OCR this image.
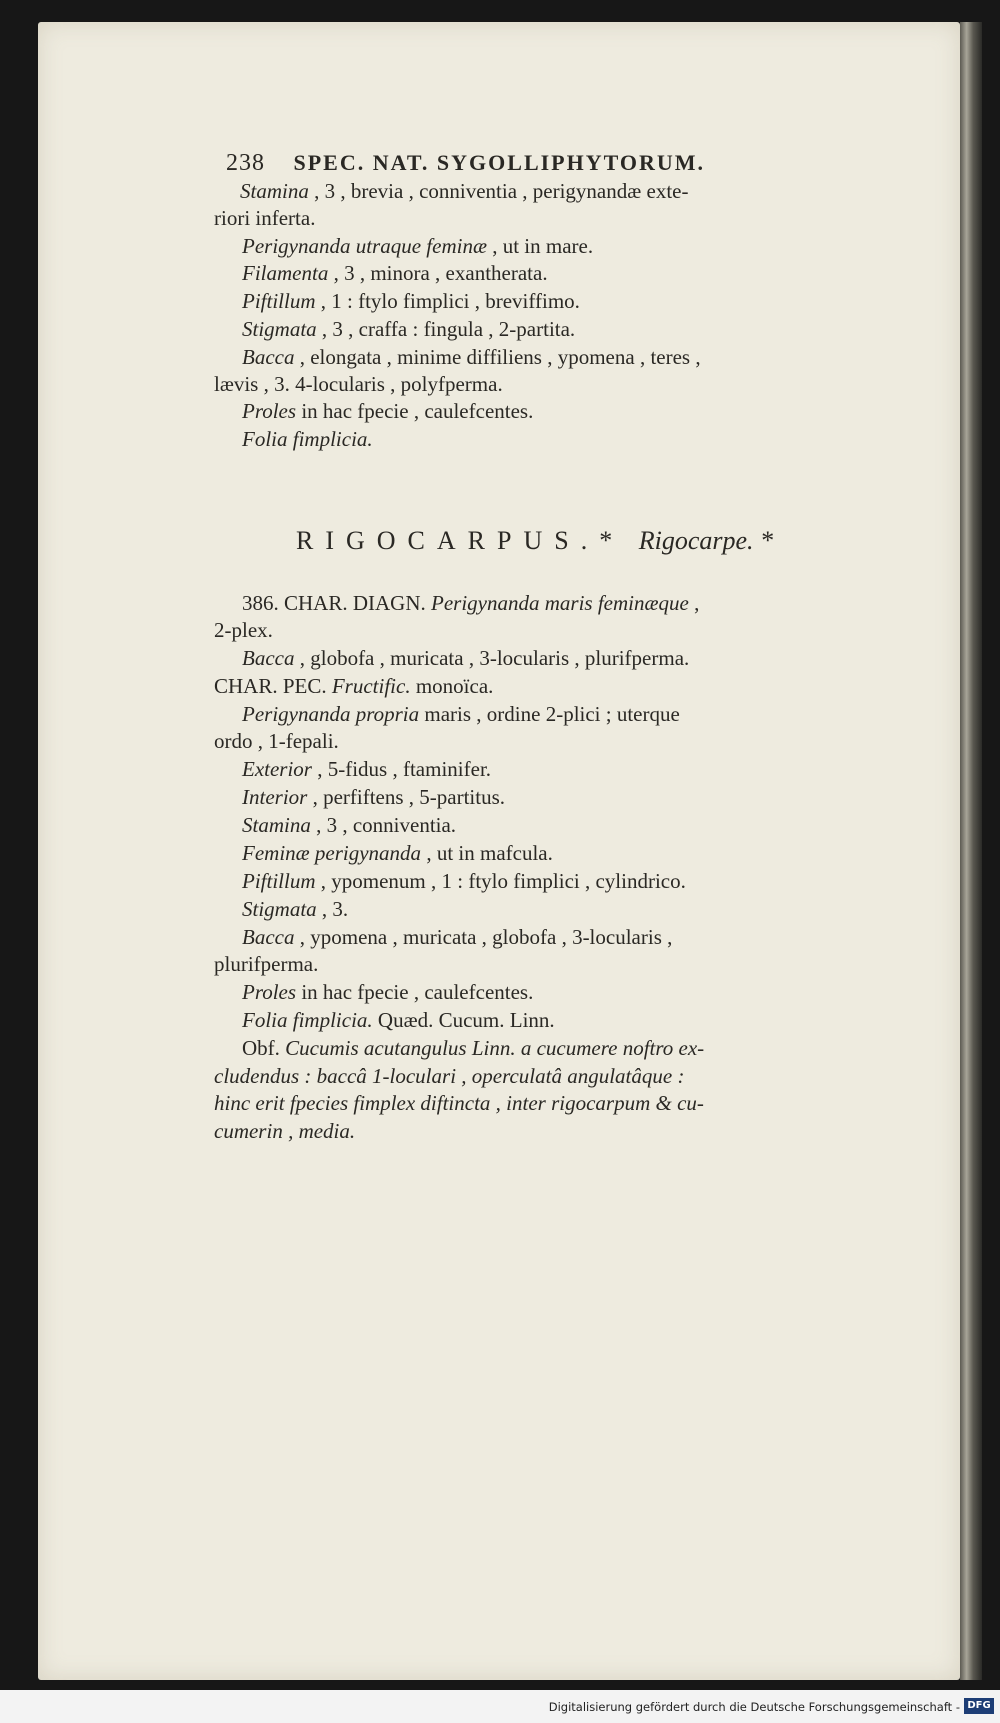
238 SPEC. NAT. SYGOLLIPHYTORUM.
RIGOCARPUS.* Rigocarpe. *
Digitalisierung gefördert durch die Deutsche Forschungsgemeinschaft - DFG
Stamina , 3 , brevia , conniventia , perigynandæ exte-
riori inferta.
Perigynanda utraque feminæ , ut in mare.
Filamenta , 3 , minora , exantherata.
Piftillum , 1 : ftylo fimplici , breviffimo.
Stigmata , 3 , craffa : fingula , 2-partita.
Bacca , elongata , minime diffiliens , ypomena , teres ,
lævis , 3. 4-locularis , polyfperma.
Proles in hac fpecie , caulefcentes.
Folia fimplicia.
386. CHAR. DIAGN. Perigynanda maris feminæque ,
2-plex.
Bacca , globofa , muricata , 3-locularis , plurifperma.
CHAR. PEC. Fructific. monoïca.
Perigynanda propria maris , ordine 2-plici ; uterque
ordo , 1-fepali.
Exterior , 5-fidus , ftaminifer.
Interior , perfiftens , 5-partitus.
Stamina , 3 , conniventia.
Feminæ perigynanda , ut in mafcula.
Piftillum , ypomenum , 1 : ftylo fimplici , cylindrico.
Stigmata , 3.
Bacca , ypomena , muricata , globofa , 3-locularis ,
plurifperma.
Proles in hac fpecie , caulefcentes.
Folia fimplicia. Quæd. Cucum. Linn.
Obf. Cucumis acutangulus Linn. a cucumere noftro ex-
cludendus : baccâ 1-loculari , operculatâ angulatâque :
hinc erit fpecies fimplex diftincta , inter rigocarpum & cu-
cumerin , media.
